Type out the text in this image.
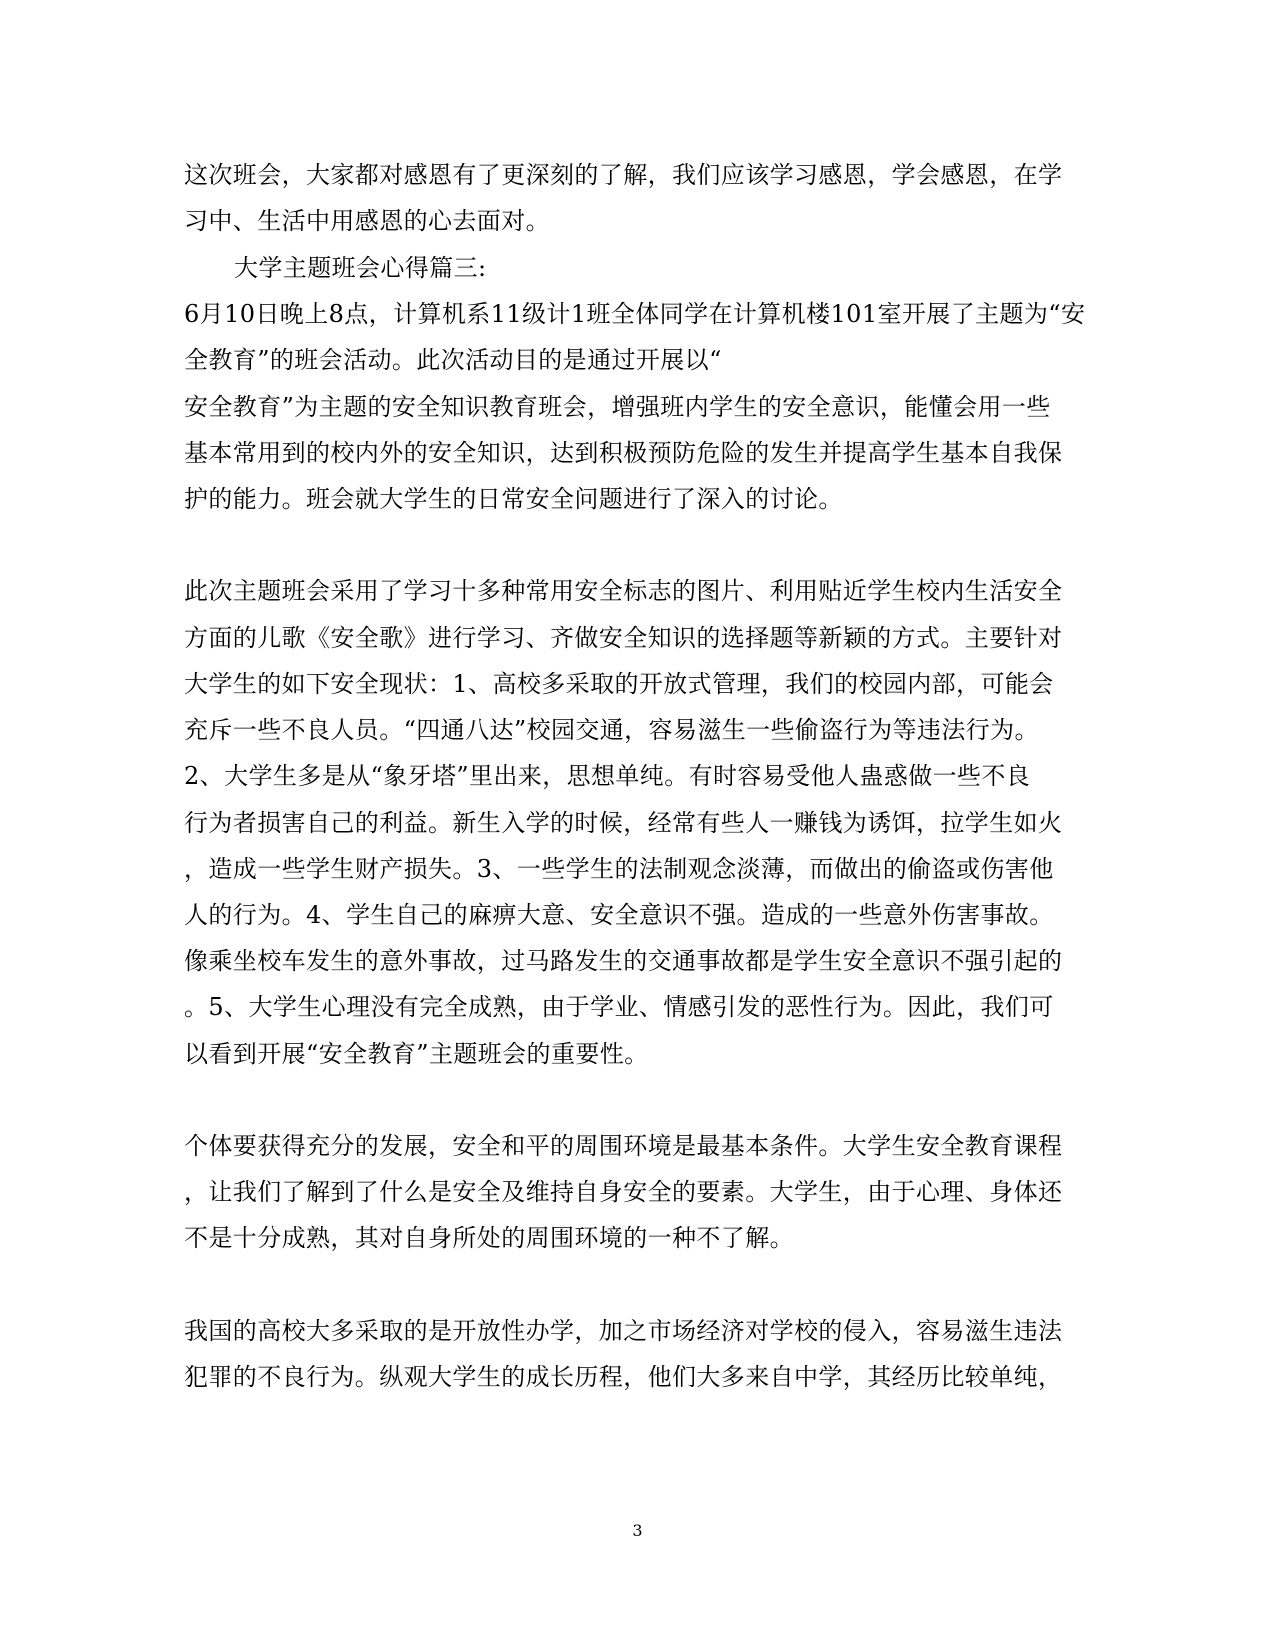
这次班会，大家都对感恩有了更深刻的了解，我们应该学习感恩，学会感恩，在学
习中、生活中用感恩的心去面对。
大学主题班会心得篇三:
6月10日晚上8点，计算机系11级计1班全体同学在计算机楼101室开展了主题为“安
全教育”的班会活动。此次活动目的是通过开展以“
安全教育”为主题的安全知识教育班会，增强班内学生的安全意识，能懂会用一些
基本常用到的校内外的安全知识，达到积极预防危险的发生并提高学生基本自我保
护的能力。班会就大学生的日常安全问题进行了深入的讨论。
此次主题班会采用了学习十多种常用安全标志的图片、利用贴近学生校内生活安全
方面的儿歌《安全歌》进行学习、齐做安全知识的选择题等新颖的方式。主要针对
大学生的如下安全现状：1、高校多采取的开放式管理，我们的校园内部，可能会
充斥一些不良人员。“四通八达”校园交通，容易滋生一些偷盗行为等违法行为。
2、大学生多是从“象牙塔”里出来，思想单纯。有时容易受他人蛊惑做一些不良
行为者损害自己的利益。新生入学的时候，经常有些人一赚钱为诱饵，拉学生如火
，造成一些学生财产损失。3、一些学生的法制观念淡薄，而做出的偷盗或伤害他
人的行为。4、学生自己的麻痹大意、安全意识不强。造成的一些意外伤害事故。
像乘坐校车发生的意外事故，过马路发生的交通事故都是学生安全意识不强引起的
。5、大学生心理没有完全成熟，由于学业、情感引发的恶性行为。因此，我们可
以看到开展“安全教育”主题班会的重要性。
个体要获得充分的发展，安全和平的周围环境是最基本条件。大学生安全教育课程
，让我们了解到了什么是安全及维持自身安全的要素。大学生，由于心理、身体还
不是十分成熟，其对自身所处的周围环境的一种不了解。
我国的高校大多采取的是开放性办学，加之市场经济对学校的侵入，容易滋生违法
犯罪的不良行为。纵观大学生的成长历程，他们大多来自中学，其经历比较单纯，
3
